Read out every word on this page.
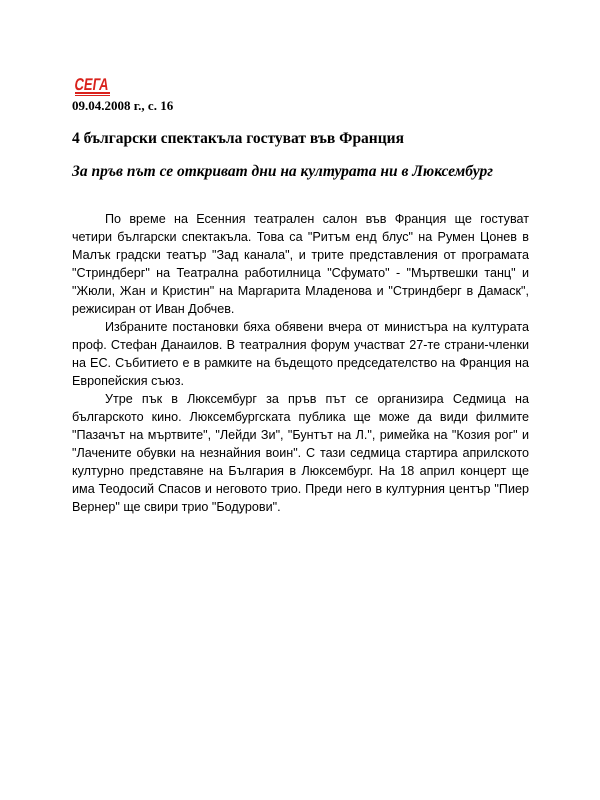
СЕГА
09.04.2008 г., с. 16
4 български спектакъла гостуват във Франция
За пръв път се откриват дни на културата ни в Люксембург

По време на Есенния театрален салон във Франция ще гостуват четири български спектакъла. Това са "Ритъм енд блус" на Румен Цонев в Малък градски театър "Зад канала", и трите представления от програмата "Стриндберг" на Театрална работилница "Сфумато" - "Мъртвешки танц" и "Жюли, Жан и Кристин" на Маргарита Младенова и "Стриндберг в Дамаск", режисиран от Иван Добчев.

Избраните постановки бяха обявени вчера от министъра на културата проф. Стефан Данаилов. В театралния форум участват 27-те страни-членки на ЕС. Събитието е в рамките на бъдещото председателство на Франция на Европейския съюз.

Утре пък в Люксембург за пръв път се организира Седмица на българското кино. Люксембургската публика ще може да види филмите "Пазачът на мъртвите", "Лейди Зи", "Бунтът на Л.", римейка на "Козия рог" и "Лачените обувки на незнайния воин". С тази седмица стартира априлското културно представяне на България в Люксембург. На 18 април концерт ще има Теодосий Спасов и неговото трио. Преди него в културния център "Пиер Вернер" ще свири трио "Бодурови".
